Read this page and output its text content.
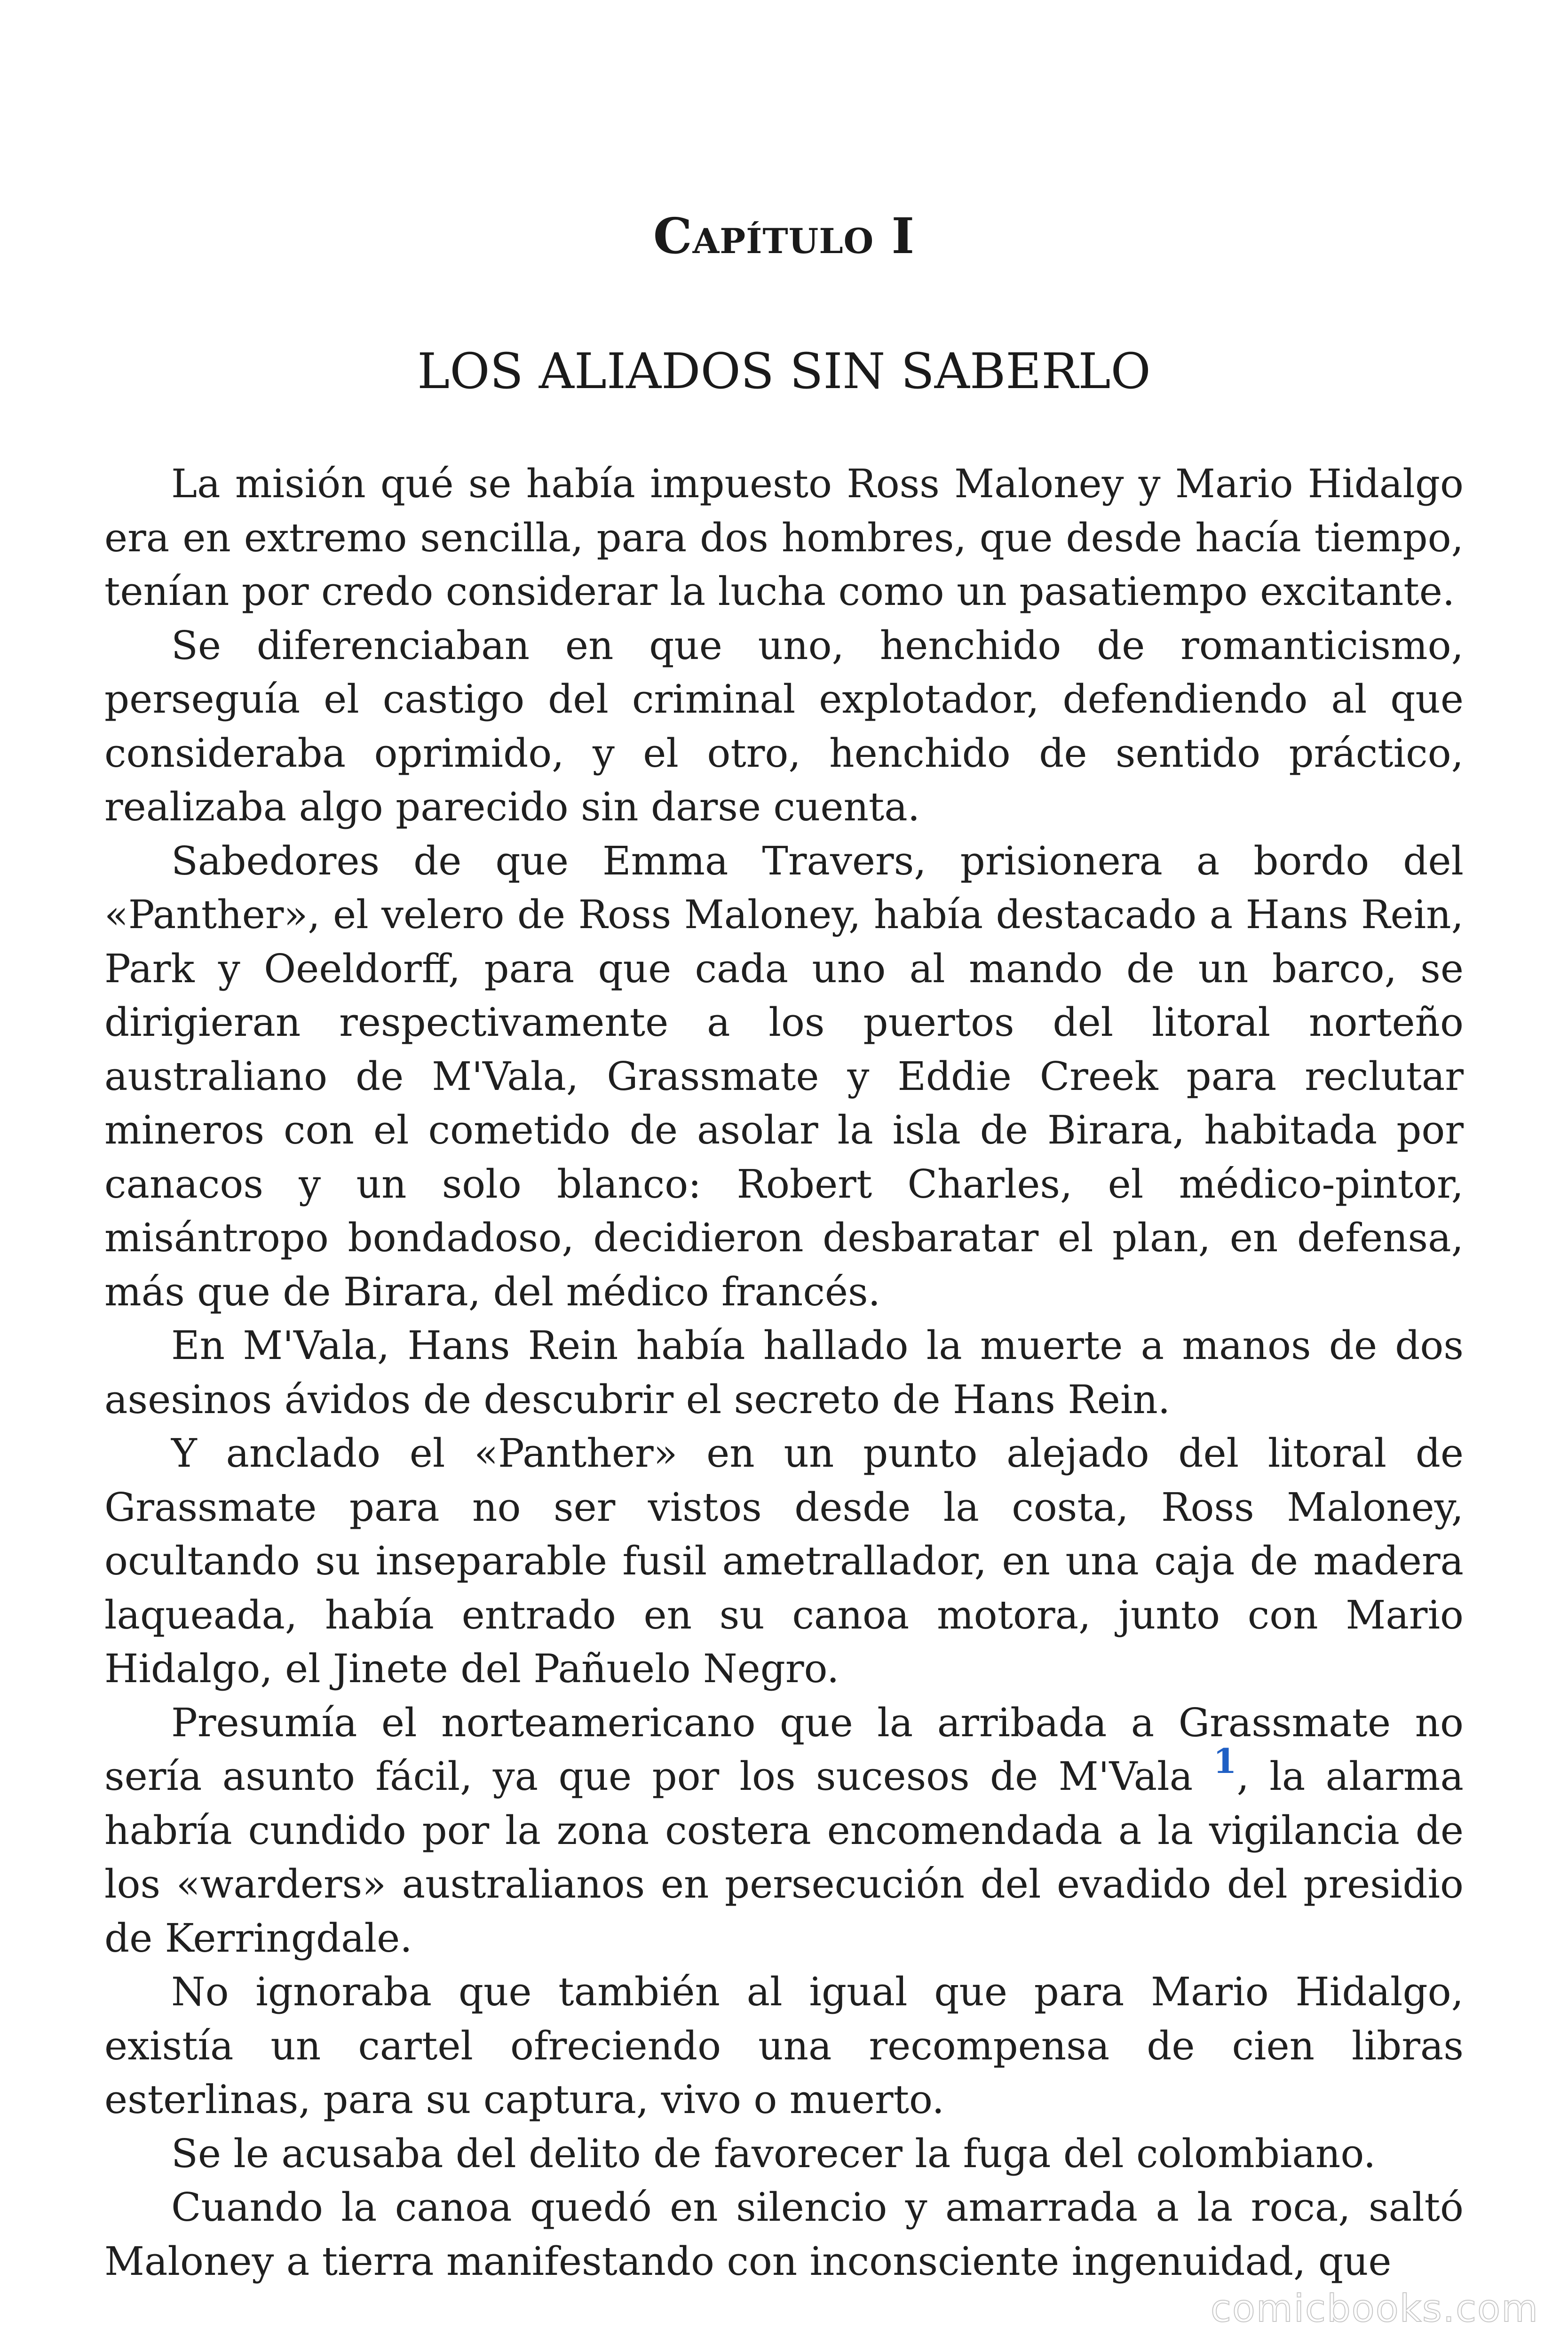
Capítulo I
LOS ALIADOS SIN SABERLO

La misión qué se había impuesto Ross Maloney y Mario Hidalgo era en extremo sencilla, para dos hombres, que desde hacía tiempo, tenían por credo considerar la lucha como un pasatiempo excitante.

Se diferenciaban en que uno, henchido de romanticismo, perseguía el castigo del criminal explotador, defendiendo al que consideraba oprimido, y el otro, henchido de sentido práctico, realizaba algo parecido sin darse cuenta.

Sabedores de que Emma Travers, prisionera a bordo del «Panther», el velero de Ross Maloney, había destacado a Hans Rein, Park y Oeeldorff, para que cada uno al mando de un barco, se dirigieran respectivamente a los puertos del litoral norteño australiano de M'Vala, Grassmate y Eddie Creek para reclutar mineros con el cometido de asolar la isla de Birara, habitada por canacos y un solo blanco: Robert Charles, el médico-pintor, misántropo bondadoso, decidieron desbaratar el plan, en defensa, más que de Birara, del médico francés.

En M'Vala, Hans Rein había hallado la muerte a manos de dos asesinos ávidos de descubrir el secreto de Hans Rein.

Y anclado el «Panther» en un punto alejado del litoral de Grassmate para no ser vistos desde la costa, Ross Maloney, ocultando su inseparable fusil ametrallador, en una caja de madera laqueada, había entrado en su canoa motora, junto con Mario Hidalgo, el Jinete del Pañuelo Negro.

Presumía el norteamericano que la arribada a Grassmate no sería asunto fácil, ya que por los sucesos de M'Vala 1, la alarma habría cundido por la zona costera encomendada a la vigilancia de los «warders» australianos en persecución del evadido del presidio de Kerringdale.

No ignoraba que también al igual que para Mario Hidalgo, existía un cartel ofreciendo una recompensa de cien libras esterlinas, para su captura, vivo o muerto.

Se le acusaba del delito de favorecer la fuga del colombiano.

Cuando la canoa quedó en silencio y amarrada a la roca, saltó Maloney a tierra manifestando con inconsciente ingenuidad, que

comicbooks.com
